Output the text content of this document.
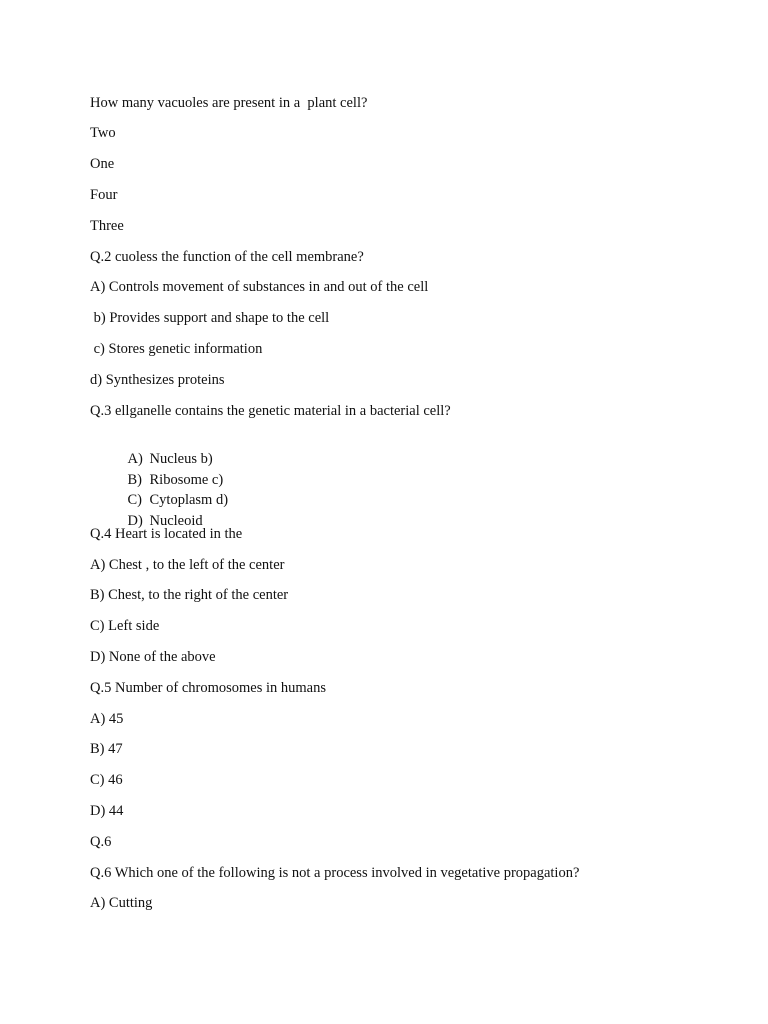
How many vacuoles are present in a  plant cell?
Two
One
Four
Three
Q.2 cuoless the function of the cell membrane?
A) Controls movement of substances in and out of the cell
b) Provides support and shape to the cell
c) Stores genetic information
d) Synthesizes proteins
Q.3 ellganelle contains the genetic material in a bacterial cell?

A) Nucleus b)

B) Ribosome c)

C) Cytoplasm d)

D) Nucleoid

Q.4 Heart is located in the
A) Chest , to the left of the center
B) Chest, to the right of the center
C) Left side
D) None of the above
Q.5 Number of chromosomes in humans
A) 45
B) 47
C) 46
D) 44
Q.6
Q.6 Which one of the following is not a process involved in vegetative propagation?
A) Cutting
